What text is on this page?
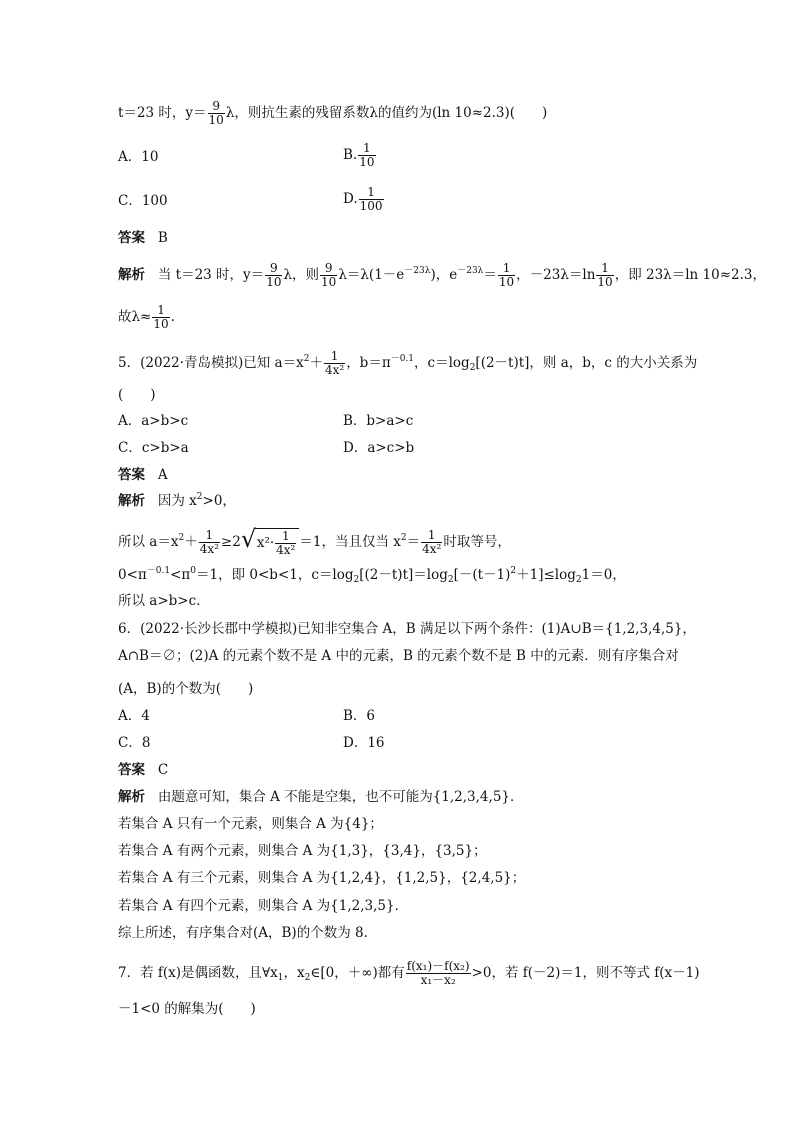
t＝23 时，$y= \frac{9}{10}$ λ，则抗生素的残留系数λ的值约为(ln 10≈2.3)(　　)
A．10	B. $\frac{1}{10}$
C．100	D. $\frac{1}{100}$
答案 B
解析 当 t＝23 时，$y= \frac{9}{10}$ λ，则 $\frac{9}{10} \lambda=\lambda(1-e^{-23\lambda})$，$e^{-23\lambda}= \frac{1}{10}$ ，$-23\lambda=\ln \frac{1}{10}$ ，即 23λ＝ln 10≈2.3，
故$\lambda\approx \frac{1}{10}$ .
5．(2022·青岛模拟)已知 $a=x^2+ \frac{1}{\text{4x²}}$ ，$b=\pi^{-0.1}$，$c=\log_2[(2-t)t]$，则 a，b，c 的大小关系为
(　　)
A．a>b>c	B．b>a>c
C．c>b>a	D．a>c>b
答案 A
解析 因为 $x^2>0$，
所以 $a=x^2+ \frac{1}{\text{4x²}} \ge 2$ √ $x^2\cdot \frac{1}{\text{4x²}} =1$，当且仅当 $x^2= \frac{1}{\text{4x²}}$ 时取等号，
$0<\pi^{-0.1}<\pi^0=1$，即 0<b<1，$c=\log_2[(2-t)t]=\log_2[-(t-1)^2+1]\le\log_21=0$，
所以 a>b>c.
6．(2022·长沙长郡中学模拟)已知非空集合 A，B 满足以下两个条件：(1)A∪B＝{1,2,3,4,5}，
A∩B＝∅；(2)A 的元素个数不是 A 中的元素，B 的元素个数不是 B 中的元素．则有序集合对
(A，B)的个数为(　　)
A．4	B．6
C．8	D．16
答案 C
解析 由题意可知，集合 A 不能是空集，也不可能为{1,2,3,4,5}．
若集合 A 只有一个元素，则集合 A 为{4}；
若集合 A 有两个元素，则集合 A 为{1,3}，{3,4}，{3,5}；
若集合 A 有三个元素，则集合 A 为{1,2,4}，{1,2,5}，{2,4,5}；
若集合 A 有四个元素，则集合 A 为{1,2,3,5}．
综上所述，有序集合对(A，B)的个数为 8.
7．若 f(x)是偶函数，且$\forall x_1$，$x_2\in[0$，＋∞)都有 $\frac{\text{f(x₁)－f(x₂)}}{\text{x₁－x₂}} >0$，若 f(－2)＝1，则不等式 f(x－1)
－1<0 的解集为(　　)
